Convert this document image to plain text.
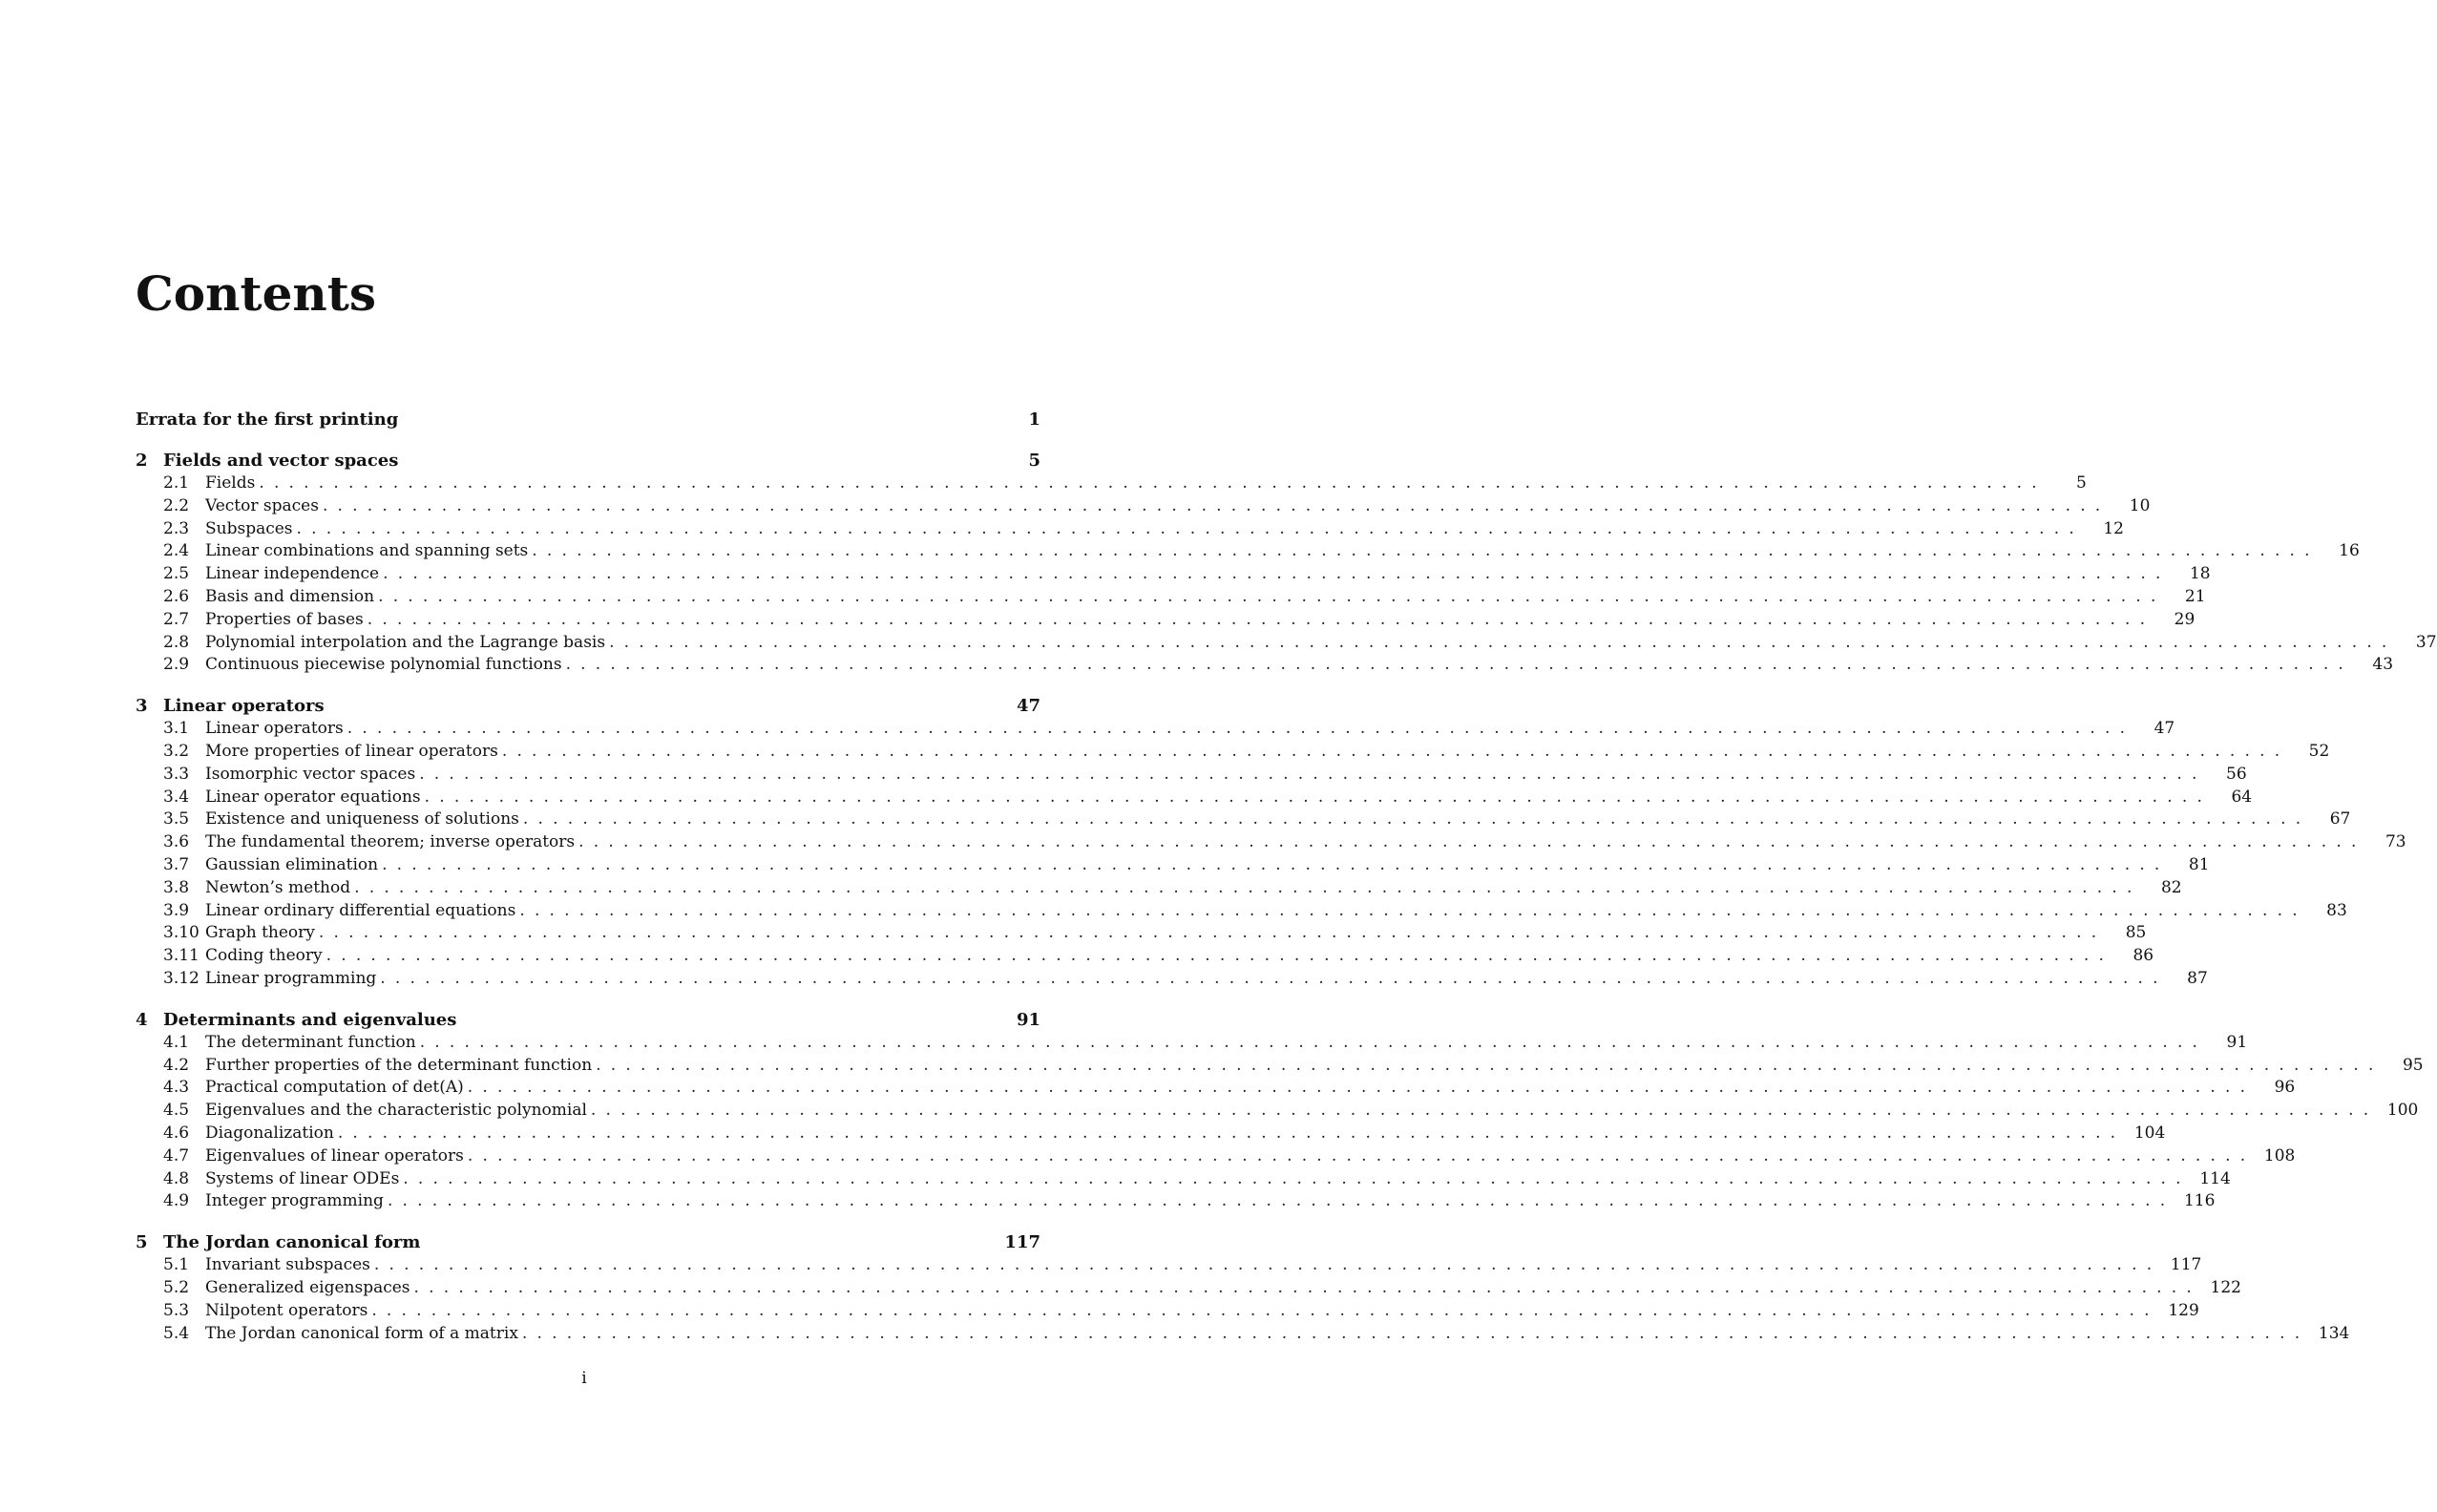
Contents
Errata for the first printing	1
2 Fields and vector spaces	5
2.1 Fields ........................................................................................................................	5
2.2 Vector spaces ........................................................................................................................	10
2.3 Subspaces ........................................................................................................................	12
2.4 Linear combinations and spanning sets ........................................................................................................................	16
2.5 Linear independence ........................................................................................................................	18
2.6 Basis and dimension ........................................................................................................................	21
2.7 Properties of bases ........................................................................................................................	29
2.8 Polynomial interpolation and the Lagrange basis ........................................................................................................................	37
2.9 Continuous piecewise polynomial functions ........................................................................................................................	43
3 Linear operators	47
3.1 Linear operators ........................................................................................................................	47
3.2 More properties of linear operators ........................................................................................................................	52
3.3 Isomorphic vector spaces ........................................................................................................................	56
3.4 Linear operator equations ........................................................................................................................	64
3.5 Existence and uniqueness of solutions ........................................................................................................................	67
3.6 The fundamental theorem; inverse operators ........................................................................................................................	73
3.7 Gaussian elimination ........................................................................................................................	81
3.8 Newton’s method ........................................................................................................................	82
3.9 Linear ordinary differential equations ........................................................................................................................	83
3.10 Graph theory ........................................................................................................................	85
3.11 Coding theory ........................................................................................................................	86
3.12 Linear programming ........................................................................................................................	87
4 Determinants and eigenvalues	91
4.1 The determinant function ........................................................................................................................	91
4.2 Further properties of the determinant function ........................................................................................................................	95
4.3 Practical computation of det(A) ........................................................................................................................	96
4.5 Eigenvalues and the characteristic polynomial ........................................................................................................................ 100
4.6 Diagonalization ........................................................................................................................ 104
4.7 Eigenvalues of linear operators ........................................................................................................................ 108
4.8 Systems of linear ODEs ........................................................................................................................ 114
4.9 Integer programming ........................................................................................................................ 116
5 The Jordan canonical form	117
5.1 Invariant subspaces ........................................................................................................................ 117
5.2 Generalized eigenspaces ........................................................................................................................ 122
5.3 Nilpotent operators ........................................................................................................................ 129
5.4 The Jordan canonical form of a matrix ........................................................................................................................ 134
i
